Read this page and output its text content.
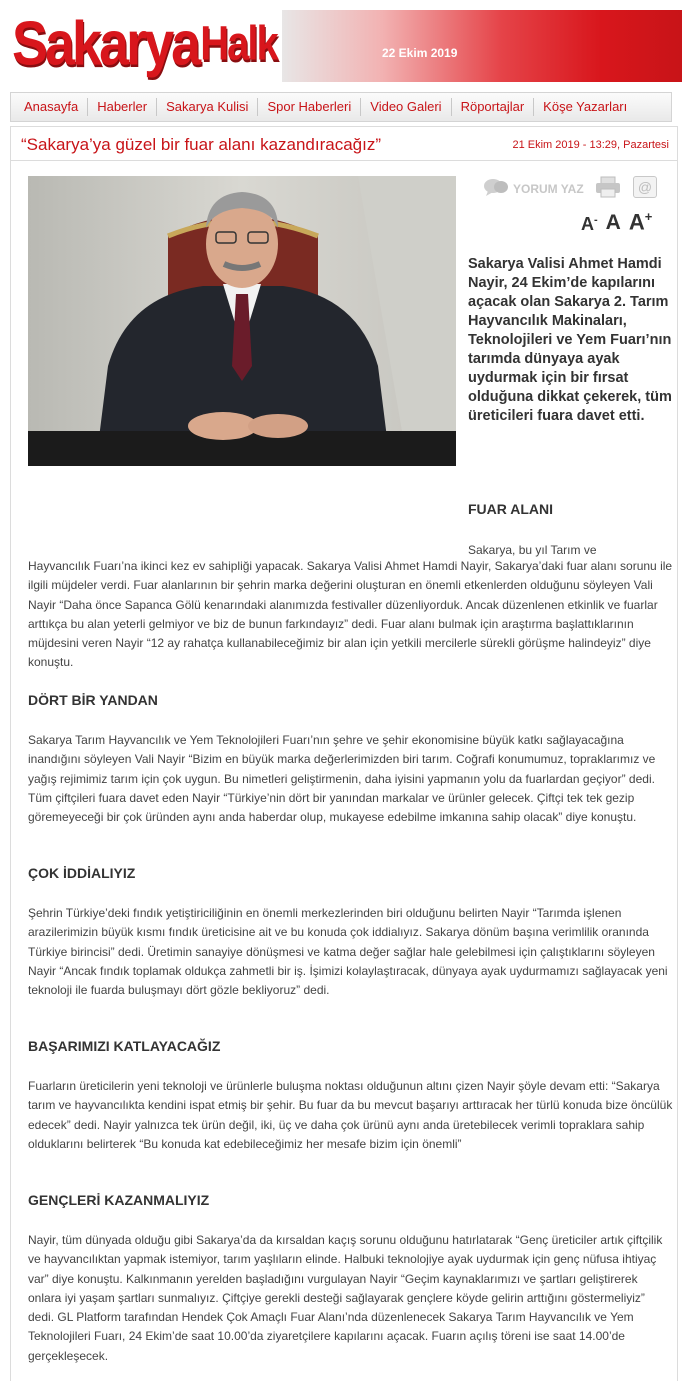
Sakarya Halk	22 Ekim 2019
Anasayfa	Haberler	Sakarya Kulisi	Spor Haberleri	Video Galeri	Röportajlar	Köşe Yazarları
“Sakarya’ya güzel bir fuar alanı kazandıracağız”	21 Ekim 2019 - 13:29, Pazartesi
YORUM YAZ	@
A- A A+

Sakarya Valisi Ahmet Hamdi Nayir, 24 Ekim’de kapılarını açacak olan Sakarya 2. Tarım Hayvancılık Makinaları, Teknolojileri ve Yem Fuarı’nın tarımda dünyaya ayak uydurmak için bir fırsat olduğuna dikkat çekerek, tüm üreticileri fuara davet etti.

FUAR ALANI
Sakarya, bu yıl Tarım ve

Hayvancılık Fuarı’na ikinci kez ev sahipliği yapacak. Sakarya Valisi Ahmet Hamdi Nayir, Sakarya’daki fuar alanı sorunu ile ilgili müjdeler verdi. Fuar alanlarının bir şehrin marka değerini oluşturan en önemli etkenlerden olduğunu söyleyen Vali Nayir “Daha önce Sapanca Gölü kenarındaki alanımızda festivaller düzenliyorduk. Ancak düzenlenen etkinlik ve fuarlar arttıkça bu alan yeterli gelmiyor ve biz de bunun farkındayız” dedi. Fuar alanı bulmak için araştırma başlattıklarının müjdesini veren Nayir “12 ay rahatça kullanabileceğimiz bir alan için yetkili mercilerle sürekli görüşme halindeyiz” diye konuştu.

DÖRT BİR YANDAN

Sakarya Tarım Hayvancılık ve Yem Teknolojileri Fuarı’nın şehre ve şehir ekonomisine büyük katkı sağlayacağına inandığını söyleyen Vali Nayir “Bizim en büyük marka değerlerimizden biri tarım. Coğrafi konumumuz, topraklarımız ve yağış rejimimiz tarım için çok uygun. Bu nimetleri geliştirmenin, daha iyisini yapmanın yolu da fuarlardan geçiyor” dedi. Tüm çiftçileri fuara davet eden Nayir “Türkiye’nin dört bir yanından markalar ve ürünler gelecek. Çiftçi tek tek gezip göremeyeceği bir çok üründen aynı anda haberdar olup, mukayese edebilme imkanına sahip olacak” diye konuştu.

ÇOK İDDİALIYIZ

Şehrin Türkiye’deki fındık yetiştiriciliğinin en önemli merkezlerinden biri olduğunu belirten Nayir “Tarımda işlenen arazilerimizin büyük kısmı fındık üreticisine ait ve bu konuda çok iddialıyız. Sakarya dönüm başına verimlilik oranında Türkiye birincisi” dedi. Üretimin sanayiye dönüşmesi ve katma değer sağlar hale gelebilmesi için çalıştıklarını söyleyen Nayir “Ancak fındık toplamak oldukça zahmetli bir iş. İşimizi kolaylaştıracak, dünyaya ayak uydurmamızı sağlayacak yeni teknoloji ile fuarda buluşmayı dört gözle bekliyoruz” dedi.

BAŞARIMIZI KATLAYACAĞIZ

Fuarların üreticilerin yeni teknoloji ve ürünlerle buluşma noktası olduğunun altını çizen Nayir şöyle devam etti: “Sakarya tarım ve hayvancılıkta kendini ispat etmiş bir şehir. Bu fuar da bu mevcut başarıyı arttıracak her türlü konuda bize öncülük edecek” dedi. Nayir yalnızca tek ürün değil, iki, üç ve daha çok ürünü aynı anda üretebilecek verimli topraklara sahip olduklarını belirterek “Bu konuda kat edebileceğimiz her mesafe bizim için önemli”

GENÇLERİ KAZANMALIYIZ

Nayir, tüm dünyada olduğu gibi Sakarya’da da kırsaldan kaçış sorunu olduğunu hatırlatarak “Genç üreticiler artık çiftçilik ve hayvancılıktan yapmak istemiyor, tarım yaşlıların elinde. Halbuki teknolojiye ayak uydurmak için genç nüfusa ihtiyaç var” diye konuştu. Kalkınmanın yerelden başladığını vurgulayan Nayir “Geçim kaynaklarımızı ve şartları geliştirerek onlara iyi yaşam şartları sunmalıyız. Çiftçiye gerekli desteği sağlayarak gençlere köyde gelirin arttığını göstermeliyiz” dedi. GL Platform tarafından Hendek Çok Amaçlı Fuar Alanı’nda düzenlenecek Sakarya Tarım Hayvancılık ve Yem Teknolojileri Fuarı, 24 Ekim’de saat 10.00’da ziyaretçilere kapılarını açacak. Fuarın açılış töreni ise saat 14.00’de gerçekleşecek.
